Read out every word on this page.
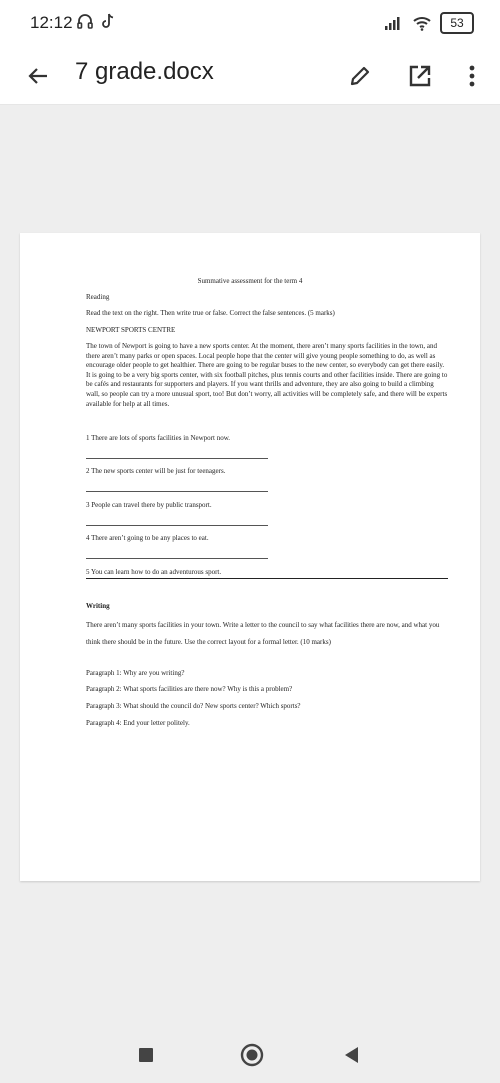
12:12	53
7 grade.docx
Summative assessment for the term 4
Reading
Read the text on the right. Then write true or false. Correct the false sentences. (5 marks)
NEWPORT SPORTS CENTRE
The town of Newport is going to have a new sports center. At the moment, there aren’t many sports facilities in the town, and there aren’t many parks or open spaces. Local people hope that the center will give young people something to do, as well as encourage older people to get healthier. There are going to be regular buses to the new center, so everybody can get there easily. It is going to be a very big sports center, with six football pitches, plus tennis courts and other facilities inside. There are going to be cafés and restaurants for supporters and players. If you want thrills and adventure, they are also going to build a climbing wall, so people can try a more unusual sport, too! But don’t worry, all activities will be completely safe, and there will be experts available for help at all times.
1 There are lots of sports facilities in Newport now.
2 The new sports center will be just for teenagers.
3 People can travel there by public transport.
4 There aren’t going to be any places to eat.
5 You can learn how to do an adventurous sport.
Writing
There aren’t many sports facilities in your town. Write a letter to the council to say what facilities there are now, and what you think there should be in the future. Use the correct layout for a formal letter. (10 marks)
Paragraph 1: Why are you writing?
Paragraph 2: What sports facilities are there now? Why is this a problem?
Paragraph 3: What should the council do? New sports center? Which sports?
Paragraph 4: End your letter politely.
